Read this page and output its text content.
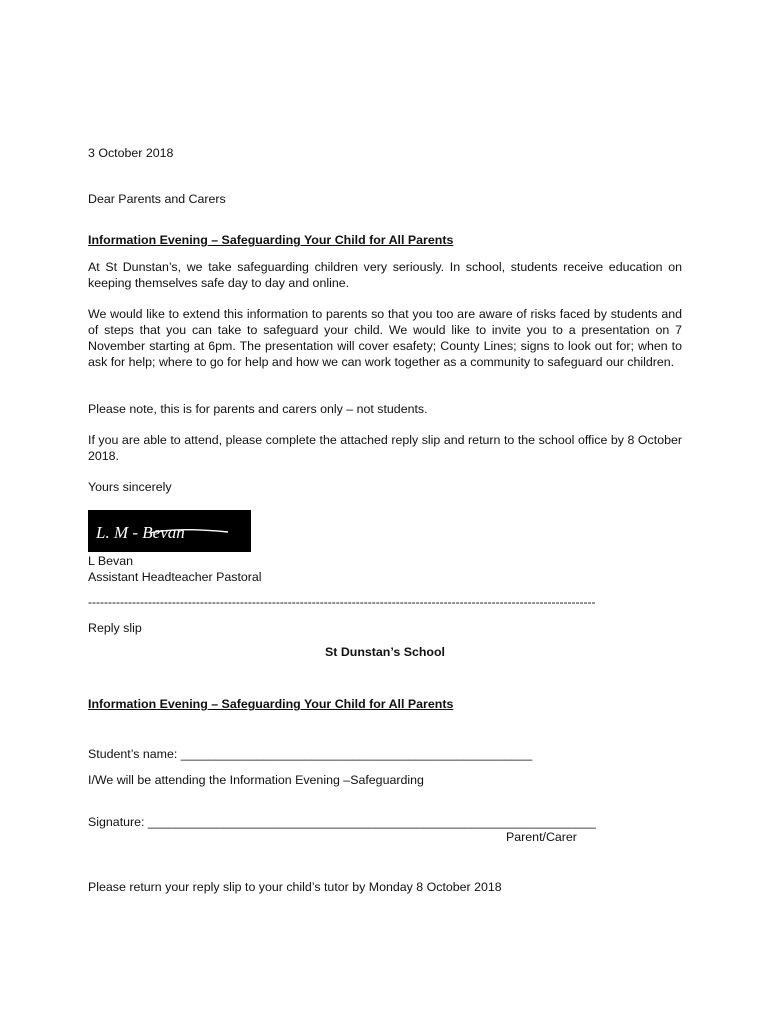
3 October 2018
Dear Parents and Carers
Information Evening – Safeguarding Your Child for All Parents
At St Dunstan’s, we take safeguarding children very seriously. In school, students receive education on keeping themselves safe day to day and online.
We would like to extend this information to parents so that you too are aware of risks faced by students and of steps that you can take to safeguard your child. We would like to invite you to a presentation on 7 November starting at 6pm. The presentation will cover esafety; County Lines; signs to look out for; when to ask for help; where to go for help and how we can work together as a community to safeguard our children.
Please note, this is for parents and carers only – not students.
If you are able to attend, please complete the attached reply slip and return to the school office by 8 October 2018.
Yours sincerely
L. M - Bevan
L Bevan
Assistant Headteacher Pastoral
-------------------------------------------------------------------------------------------------------------------------------
Reply slip
St Dunstan’s School
Information Evening – Safeguarding Your Child for All Parents
Student’s name: ___________________________________________________
I/We will be attending the Information Evening –Safeguarding
Signature: _________________________________________________________________
Parent/Carer
Please return your reply slip to your child’s tutor by Monday 8 October 2018
